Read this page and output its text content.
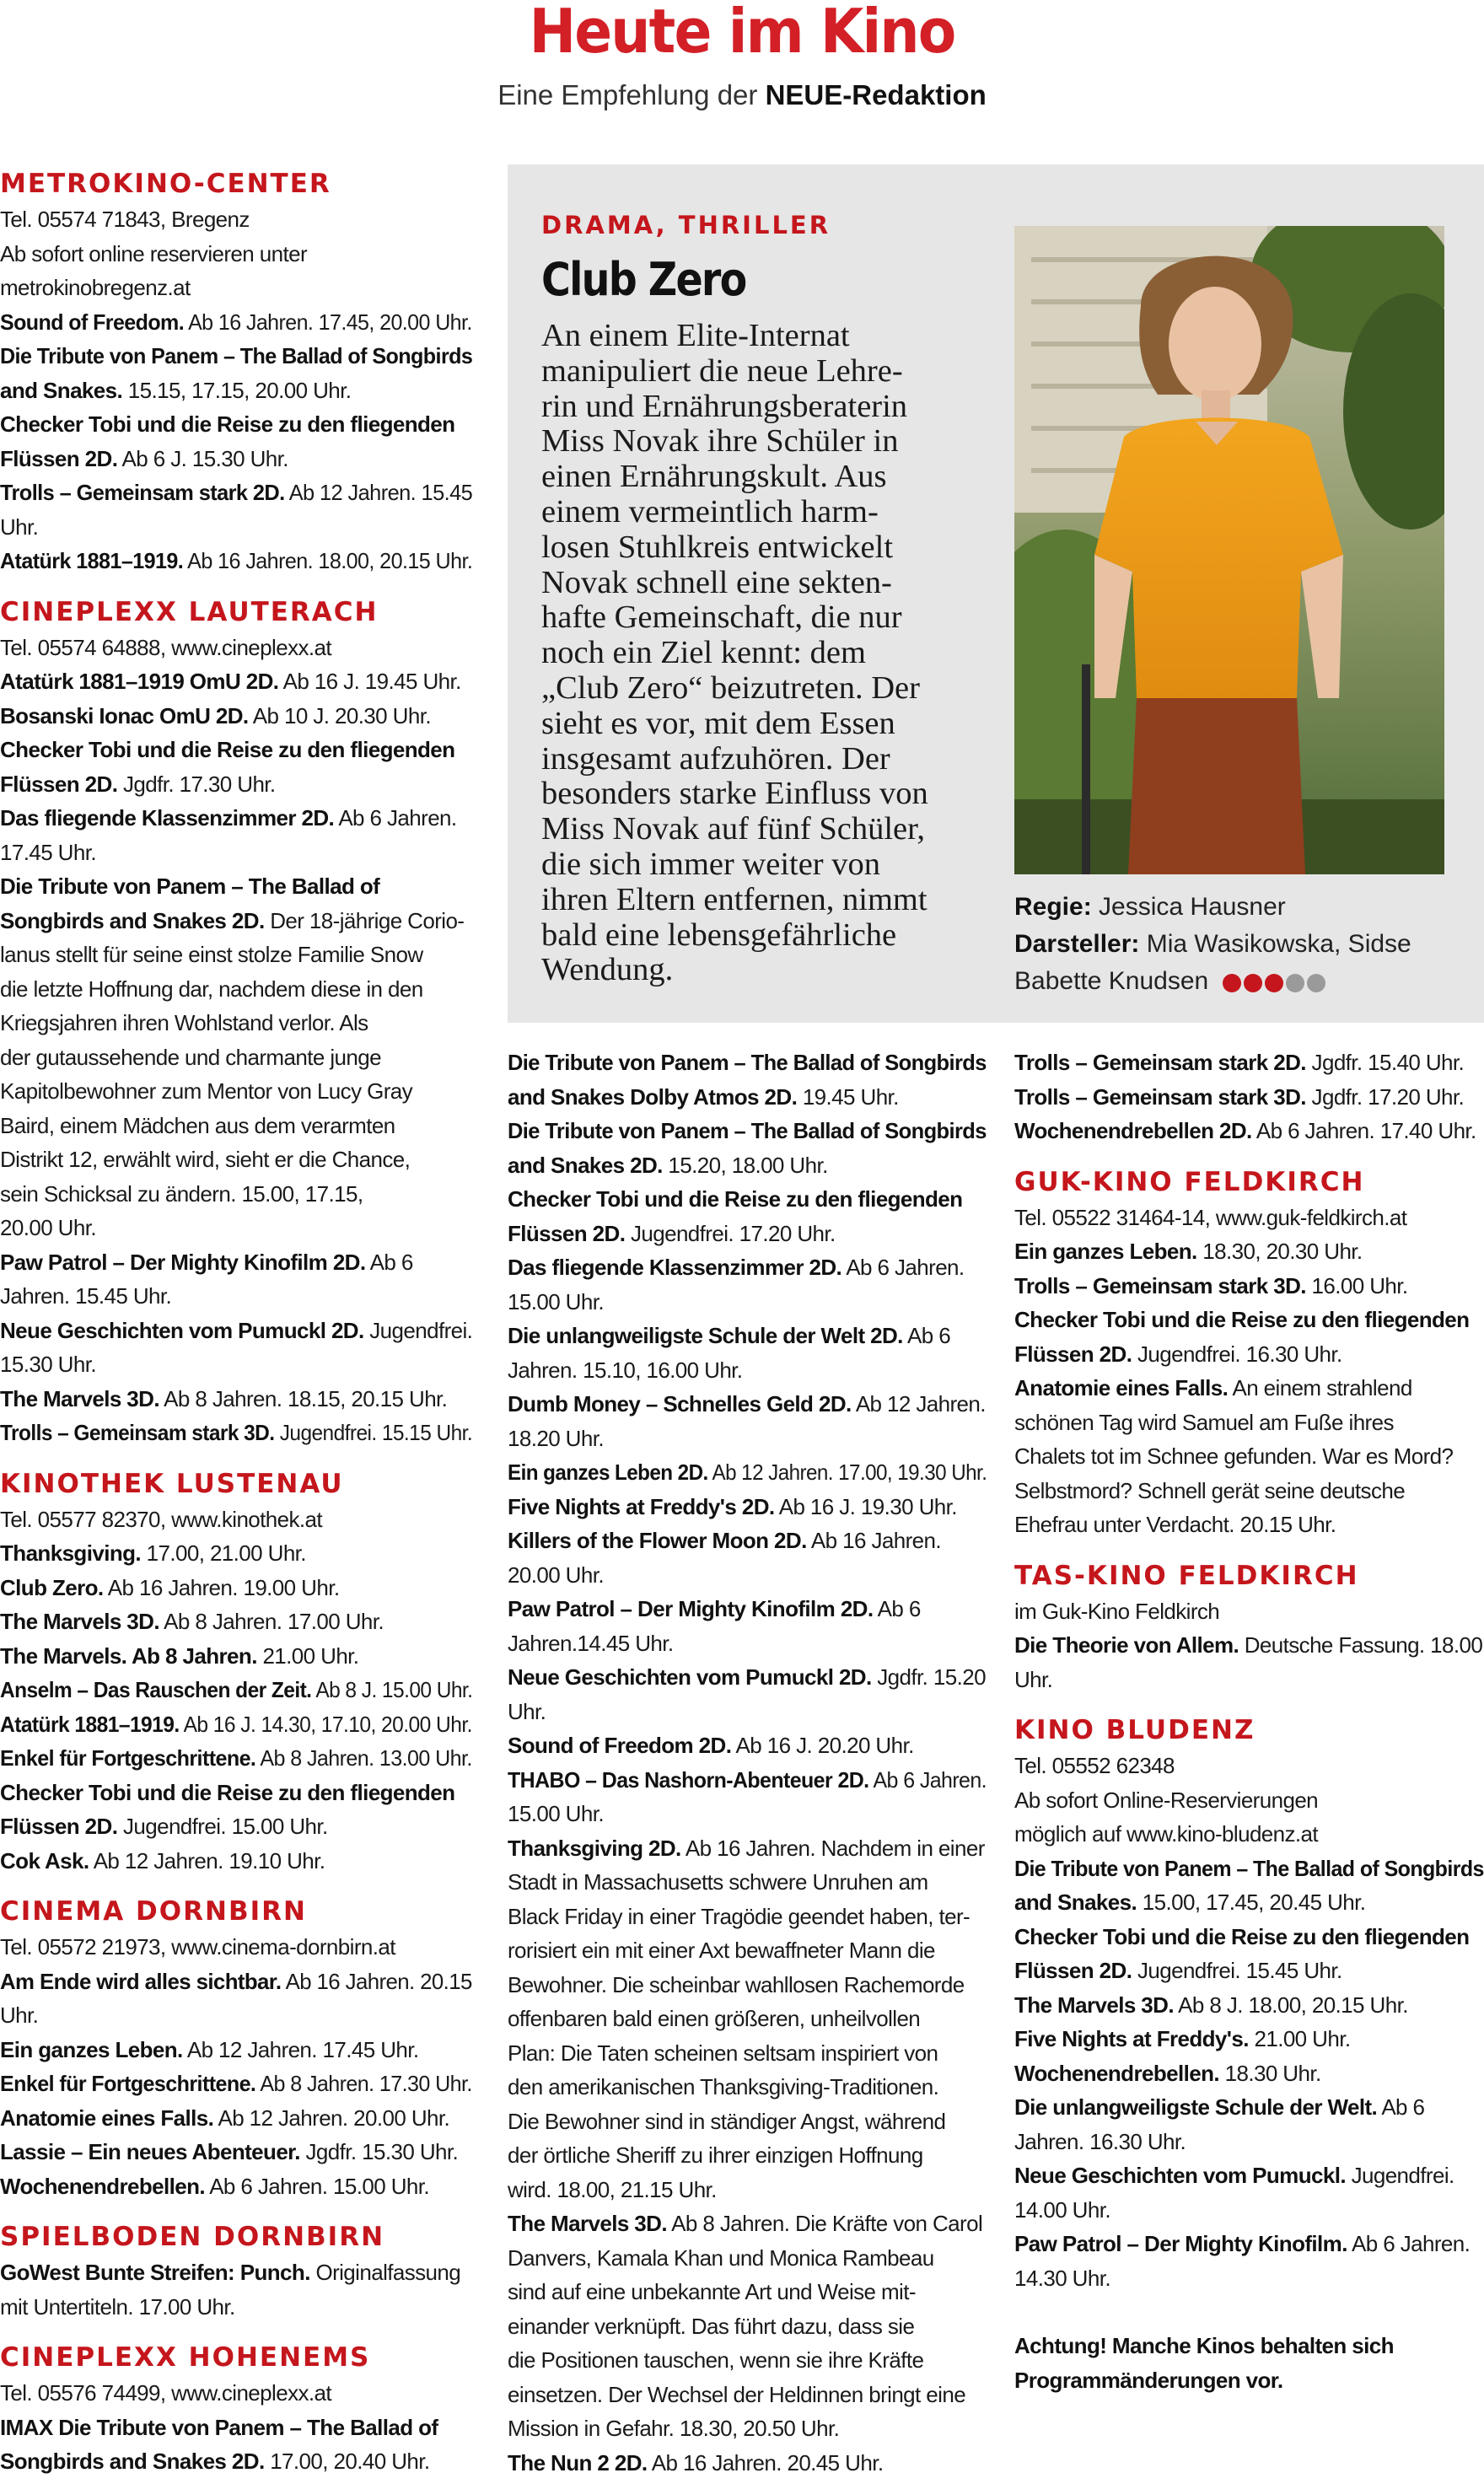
Heute im Kino
Eine Empfehlung der NEUE-Redaktion
METROKINO-CENTER
Tel. 05574 71843, Bregenz
Ab sofort online reservieren unter
metrokinobregenz.at
Sound of Freedom. Ab 16 Jahren. 17.45, 20.00 Uhr.
Die Tribute von Panem – The Ballad of Songbirds
and Snakes. 15.15, 17.15, 20.00 Uhr.
Checker Tobi und die Reise zu den fliegenden
Flüssen 2D. Ab 6 J. 15.30 Uhr.
Trolls – Gemeinsam stark 2D. Ab 12 Jahren. 15.45
Uhr.
Atatürk 1881–1919. Ab 16 Jahren. 18.00, 20.15 Uhr.
CINEPLEXX LAUTERACH
Tel. 05574 64888, www.cineplexx.at
Atatürk 1881–1919 OmU 2D. Ab 16 J. 19.45 Uhr.
Bosanski Ionac OmU 2D. Ab 10 J. 20.30 Uhr.
Checker Tobi und die Reise zu den fliegenden
Flüssen 2D. Jgdfr. 17.30 Uhr.
Das fliegende Klassenzimmer 2D. Ab 6 Jahren.
17.45 Uhr.
Die Tribute von Panem – The Ballad of
Songbirds and Snakes 2D. Der 18-jährige Corio-
lanus stellt für seine einst stolze Familie Snow
die letzte Hoffnung dar, nachdem diese in den
Kriegsjahren ihren Wohlstand verlor. Als
der gutaussehende und charmante junge
Kapitolbewohner zum Mentor von Lucy Gray
Baird, einem Mädchen aus dem verarmten
Distrikt 12, erwählt wird, sieht er die Chance,
sein Schicksal zu ändern. 15.00, 17.15,
20.00 Uhr.
Paw Patrol – Der Mighty Kinofilm 2D. Ab 6
Jahren. 15.45 Uhr.
Neue Geschichten vom Pumuckl 2D. Jugendfrei.
15.30 Uhr.
The Marvels 3D. Ab 8 Jahren. 18.15, 20.15 Uhr.
Trolls – Gemeinsam stark 3D. Jugendfrei. 15.15 Uhr.
KINOTHEK LUSTENAU
Tel. 05577 82370, www.kinothek.at
Thanksgiving. 17.00, 21.00 Uhr.
Club Zero. Ab 16 Jahren. 19.00 Uhr.
The Marvels 3D. Ab 8 Jahren. 17.00 Uhr.
The Marvels. Ab 8 Jahren. 21.00 Uhr.
Anselm – Das Rauschen der Zeit. Ab 8 J. 15.00 Uhr.
Atatürk 1881–1919. Ab 16 J. 14.30, 17.10, 20.00 Uhr.
Enkel für Fortgeschrittene. Ab 8 Jahren. 13.00 Uhr.
Checker Tobi und die Reise zu den fliegenden
Flüssen 2D. Jugendfrei. 15.00 Uhr.
Cok Ask. Ab 12 Jahren. 19.10 Uhr.
CINEMA DORNBIRN
Tel. 05572 21973, www.cinema-dornbirn.at
Am Ende wird alles sichtbar. Ab 16 Jahren. 20.15
Uhr.
Ein ganzes Leben. Ab 12 Jahren. 17.45 Uhr.
Enkel für Fortgeschrittene. Ab 8 Jahren. 17.30 Uhr.
Anatomie eines Falls. Ab 12 Jahren. 20.00 Uhr.
Lassie – Ein neues Abenteuer. Jgdfr. 15.30 Uhr.
Wochenendrebellen. Ab 6 Jahren. 15.00 Uhr.
SPIELBODEN DORNBIRN
GoWest Bunte Streifen: Punch. Originalfassung
mit Untertiteln. 17.00 Uhr.
CINEPLEXX HOHENEMS
Tel. 05576 74499, www.cineplexx.at
IMAX Die Tribute von Panem – The Ballad of
Songbirds and Snakes 2D. 17.00, 20.40 Uhr.
DRAMA, THRILLER
Club Zero
An einem Elite-Internat
manipuliert die neue Lehre-
rin und Ernährungsberaterin
Miss Novak ihre Schüler in
einen Ernährungskult. Aus
einem vermeintlich harm-
losen Stuhlkreis entwickelt
Novak schnell eine sekten-
hafte Gemeinschaft, die nur
noch ein Ziel kennt: dem
„Club Zero“ beizutreten. Der
sieht es vor, mit dem Essen
insgesamt aufzuhören. Der
besonders starke Einfluss von
Miss Novak auf fünf Schüler,
die sich immer weiter von
ihren Eltern entfernen, nimmt
bald eine lebensgefährliche
Wendung.
Regie: Jessica Hausner
Darsteller: Mia Wasikowska, Sidse
Babette Knudsen
Die Tribute von Panem – The Ballad of Songbirds
and Snakes Dolby Atmos 2D. 19.45 Uhr.
Die Tribute von Panem – The Ballad of Songbirds
and Snakes 2D. 15.20, 18.00 Uhr.
Checker Tobi und die Reise zu den fliegenden
Flüssen 2D. Jugendfrei. 17.20 Uhr.
Das fliegende Klassenzimmer 2D. Ab 6 Jahren.
15.00 Uhr.
Die unlangweiligste Schule der Welt 2D. Ab 6
Jahren. 15.10, 16.00 Uhr.
Dumb Money – Schnelles Geld 2D. Ab 12 Jahren.
18.20 Uhr.
Ein ganzes Leben 2D. Ab 12 Jahren. 17.00, 19.30 Uhr.
Five Nights at Freddy's 2D. Ab 16 J. 19.30 Uhr.
Killers of the Flower Moon 2D. Ab 16 Jahren.
20.00 Uhr.
Paw Patrol – Der Mighty Kinofilm 2D. Ab 6
Jahren.14.45 Uhr.
Neue Geschichten vom Pumuckl 2D. Jgdfr. 15.20
Uhr.
Sound of Freedom 2D. Ab 16 J. 20.20 Uhr.
THABO – Das Nashorn-Abenteuer 2D. Ab 6 Jahren.
15.00 Uhr.
Thanksgiving 2D. Ab 16 Jahren. Nachdem in einer
Stadt in Massachusetts schwere Unruhen am
Black Friday in einer Tragödie geendet haben, ter-
rorisiert ein mit einer Axt bewaffneter Mann die
Bewohner. Die scheinbar wahllosen Rachemorde
offenbaren bald einen größeren, unheilvollen
Plan: Die Taten scheinen seltsam inspiriert von
den amerikanischen Thanksgiving-Traditionen.
Die Bewohner sind in ständiger Angst, während
der örtliche Sheriff zu ihrer einzigen Hoffnung
wird. 18.00, 21.15 Uhr.
The Marvels 3D. Ab 8 Jahren. Die Kräfte von Carol
Danvers, Kamala Khan und Monica Rambeau
sind auf eine unbekannte Art und Weise mit-
einander verknüpft. Das führt dazu, dass sie
die Positionen tauschen, wenn sie ihre Kräfte
einsetzen. Der Wechsel der Heldinnen bringt eine
Mission in Gefahr. 18.30, 20.50 Uhr.
The Nun 2 2D. Ab 16 Jahren. 20.45 Uhr.
Trolls – Gemeinsam stark 2D. Jgdfr. 15.40 Uhr.
Trolls – Gemeinsam stark 3D. Jgdfr. 17.20 Uhr.
Wochenendrebellen 2D. Ab 6 Jahren. 17.40 Uhr.
GUK-KINO FELDKIRCH
Tel. 05522 31464-14, www.guk-feldkirch.at
Ein ganzes Leben. 18.30, 20.30 Uhr.
Trolls – Gemeinsam stark 3D. 16.00 Uhr.
Checker Tobi und die Reise zu den fliegenden
Flüssen 2D. Jugendfrei. 16.30 Uhr.
Anatomie eines Falls. An einem strahlend
schönen Tag wird Samuel am Fuße ihres
Chalets tot im Schnee gefunden. War es Mord?
Selbstmord? Schnell gerät seine deutsche
Ehefrau unter Verdacht. 20.15 Uhr.
TAS-KINO FELDKIRCH
im Guk-Kino Feldkirch
Die Theorie von Allem. Deutsche Fassung. 18.00
Uhr.
KINO BLUDENZ
Tel. 05552 62348
Ab sofort Online-Reservierungen
möglich auf www.kino-bludenz.at
Die Tribute von Panem – The Ballad of Songbirds
and Snakes. 15.00, 17.45, 20.45 Uhr.
Checker Tobi und die Reise zu den fliegenden
Flüssen 2D. Jugendfrei. 15.45 Uhr.
The Marvels 3D. Ab 8 J. 18.00, 20.15 Uhr.
Five Nights at Freddy's. 21.00 Uhr.
Wochenendrebellen. 18.30 Uhr.
Die unlangweiligste Schule der Welt. Ab 6
Jahren. 16.30 Uhr.
Neue Geschichten vom Pumuckl. Jugendfrei.
14.00 Uhr.
Paw Patrol – Der Mighty Kinofilm. Ab 6 Jahren.
14.30 Uhr.
Achtung! Manche Kinos behalten sich
Programmänderungen vor.
